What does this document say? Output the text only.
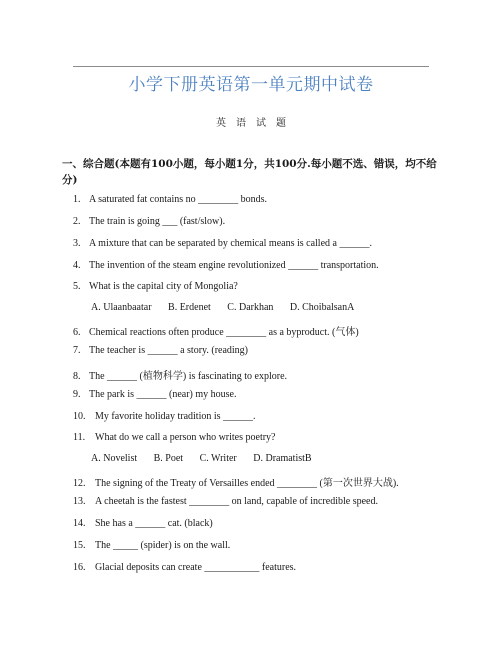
小学下册英语第一单元期中试卷
英　语　试　题
一、综合题(本题有100小题，每小题1分，共100分.每小题不选、错误，均不给分)
1. A saturated fat contains no ________ bonds.
2. The train is going ___ (fast/slow).
3. A mixture that can be separated by chemical means is called a ______.
4. The invention of the steam engine revolutionized ______ transportation.
5. What is the capital city of Mongolia?
A. Ulaanbaatar B. Erdenet C. Darkhan D. ChoibalsanA
6. Chemical reactions often produce ________ as a byproduct. (气体)
7. The teacher is ______ a story. (reading)
8. The ______ (植物科学) is fascinating to explore.
9. The park is ______ (near) my house.
10. My favorite holiday tradition is ______.
11. What do we call a person who writes poetry?
A. Novelist B. Poet C. Writer D. DramatistB
12. The signing of the Treaty of Versailles ended ________ (第一次世界大战).
13. A cheetah is the fastest ________ on land, capable of incredible speed.
14. She has a ______ cat. (black)
15. The _____ (spider) is on the wall.
16. Glacial deposits can create ___________ features.
